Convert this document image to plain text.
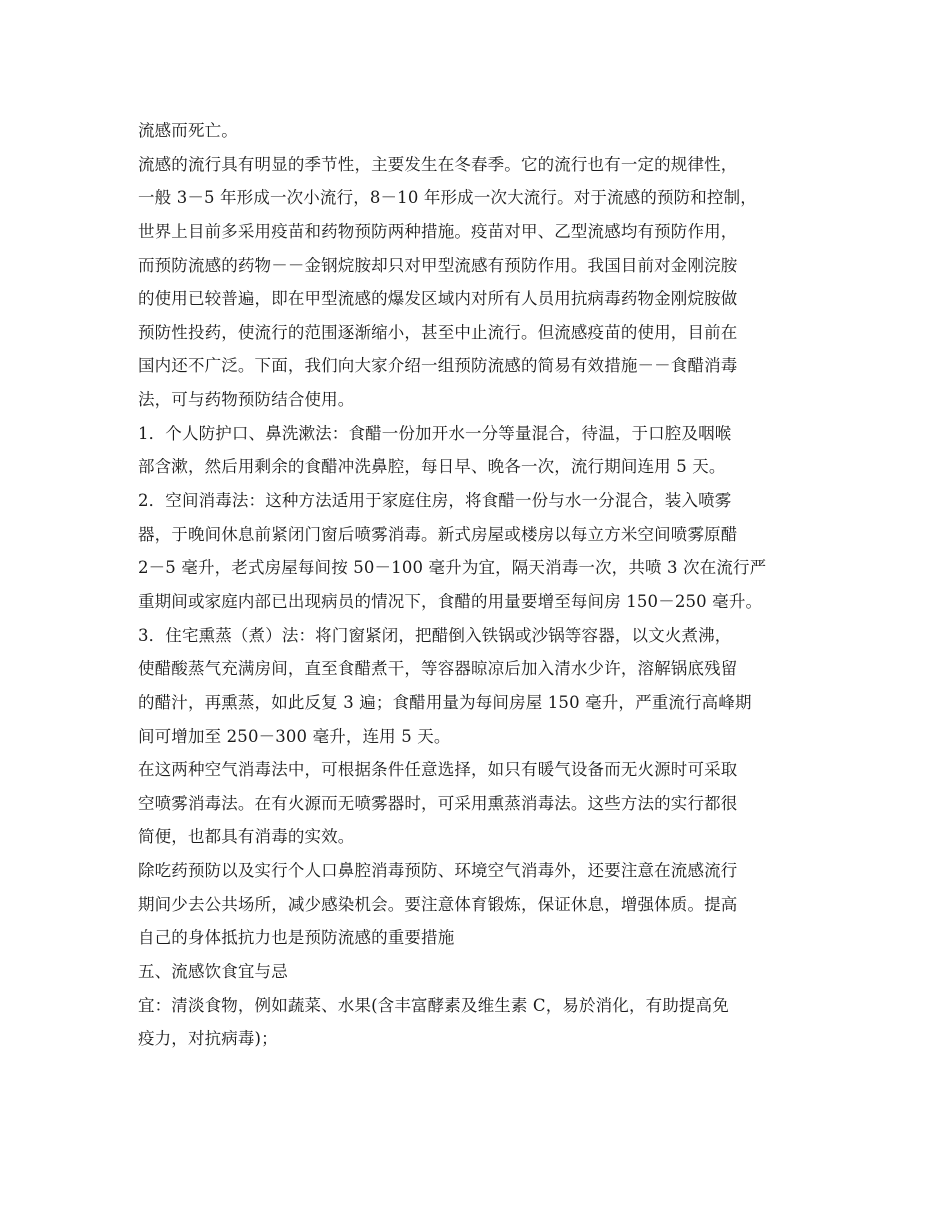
流感而死亡。
流感的流行具有明显的季节性，主要发生在冬春季。它的流行也有一定的规律性，
一般 3－5 年形成一次小流行，8－10 年形成一次大流行。对于流感的预防和控制，
世界上目前多采用疫苗和药物预防两种措施。疫苗对甲、乙型流感均有预防作用，
而预防流感的药物－－金钢烷胺却只对甲型流感有预防作用。我国目前对金刚浣胺
的使用已较普遍，即在甲型流感的爆发区域内对所有人员用抗病毒药物金刚烷胺做
预防性投药，使流行的范围逐渐缩小，甚至中止流行。但流感疫苗的使用，目前在
国内还不广泛。下面，我们向大家介绍一组预防流感的简易有效措施－－食醋消毒
法，可与药物预防结合使用。
1．个人防护口、鼻洗漱法：食醋一份加开水一分等量混合，待温，于口腔及咽喉
部含漱，然后用剩余的食醋冲洗鼻腔，每日早、晚各一次，流行期间连用 5 天。
2．空间消毒法：这种方法适用于家庭住房，将食醋一份与水一分混合，装入喷雾
器，于晚间休息前紧闭门窗后喷雾消毒。新式房屋或楼房以每立方米空间喷雾原醋
2－5 毫升，老式房屋每间按 50－100 毫升为宜，隔天消毒一次，共喷 3 次在流行严
重期间或家庭内部已出现病员的情况下，食醋的用量要增至每间房 150－250 毫升。
3．住宅熏蒸（煮）法：将门窗紧闭，把醋倒入铁锅或沙锅等容器，以文火煮沸，
使醋酸蒸气充满房间，直至食醋煮干，等容器晾凉后加入清水少许，溶解锅底残留
的醋汁，再熏蒸，如此反复 3 遍；食醋用量为每间房屋 150 毫升，严重流行高峰期
间可增加至 250－300 毫升，连用 5 天。
在这两种空气消毒法中，可根据条件任意选择，如只有暖气设备而无火源时可采取
空喷雾消毒法。在有火源而无喷雾器时，可采用熏蒸消毒法。这些方法的实行都很
简便，也都具有消毒的实效。
除吃药预防以及实行个人口鼻腔消毒预防、环境空气消毒外，还要注意在流感流行
期间少去公共场所，减少感染机会。要注意体育锻炼，保证休息，增强体质。提高
自己的身体抵抗力也是预防流感的重要措施
五、流感饮食宜与忌
宜：清淡食物，例如蔬菜、水果(含丰富酵素及维生素 C，易於消化，有助提高免
疫力，对抗病毒)；
